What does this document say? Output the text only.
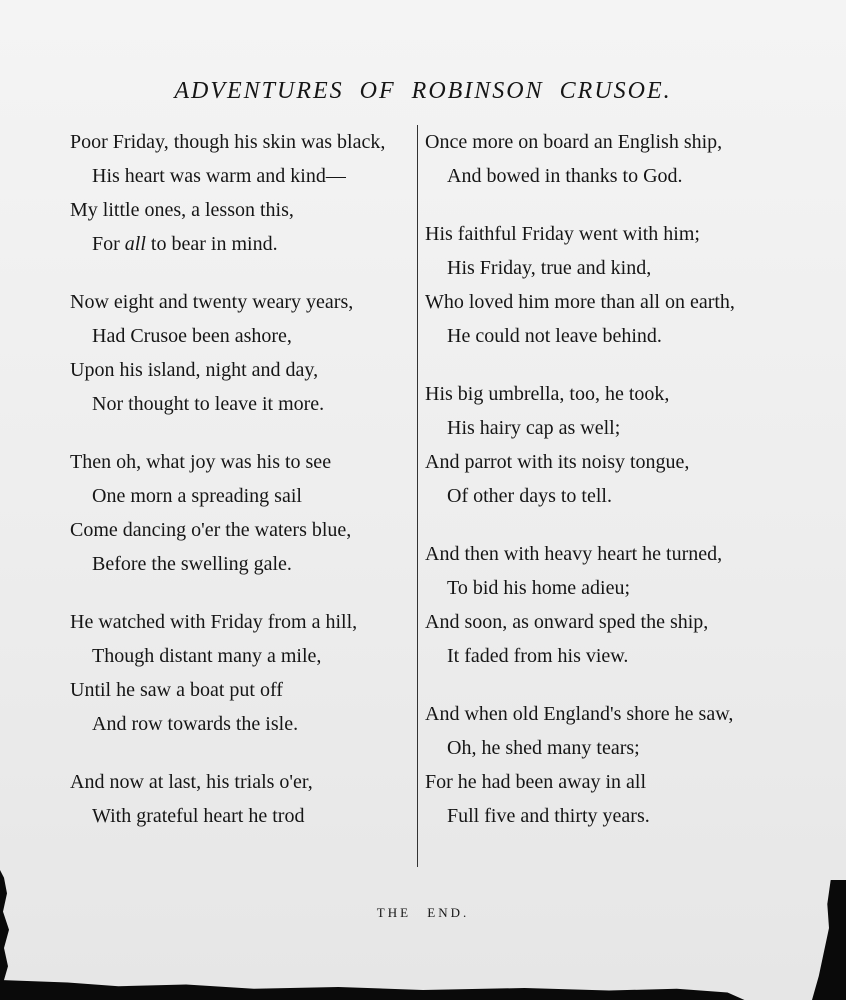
ADVENTURES OF ROBINSON CRUSOE.
Poor Friday, though his skin was black,
His heart was warm and kind—
My little ones, a lesson this,
For all to bear in mind.
Now eight and twenty weary years,
Had Crusoe been ashore,
Upon his island, night and day,
Nor thought to leave it more.
Then oh, what joy was his to see
One morn a spreading sail
Come dancing o'er the waters blue,
Before the swelling gale.
He watched with Friday from a hill,
Though distant many a mile,
Until he saw a boat put off
And row towards the isle.
And now at last, his trials o'er,
With grateful heart he trod
Once more on board an English ship,
And bowed in thanks to God.
His faithful Friday went with him;
His Friday, true and kind,
Who loved him more than all on earth,
He could not leave behind.
His big umbrella, too, he took,
His hairy cap as well;
And parrot with its noisy tongue,
Of other days to tell.
And then with heavy heart he turned,
To bid his home adieu;
And soon, as onward sped the ship,
It faded from his view.
And when old England's shore he saw,
Oh, he shed many tears;
For he had been away in all
Full five and thirty years.
THE END.
